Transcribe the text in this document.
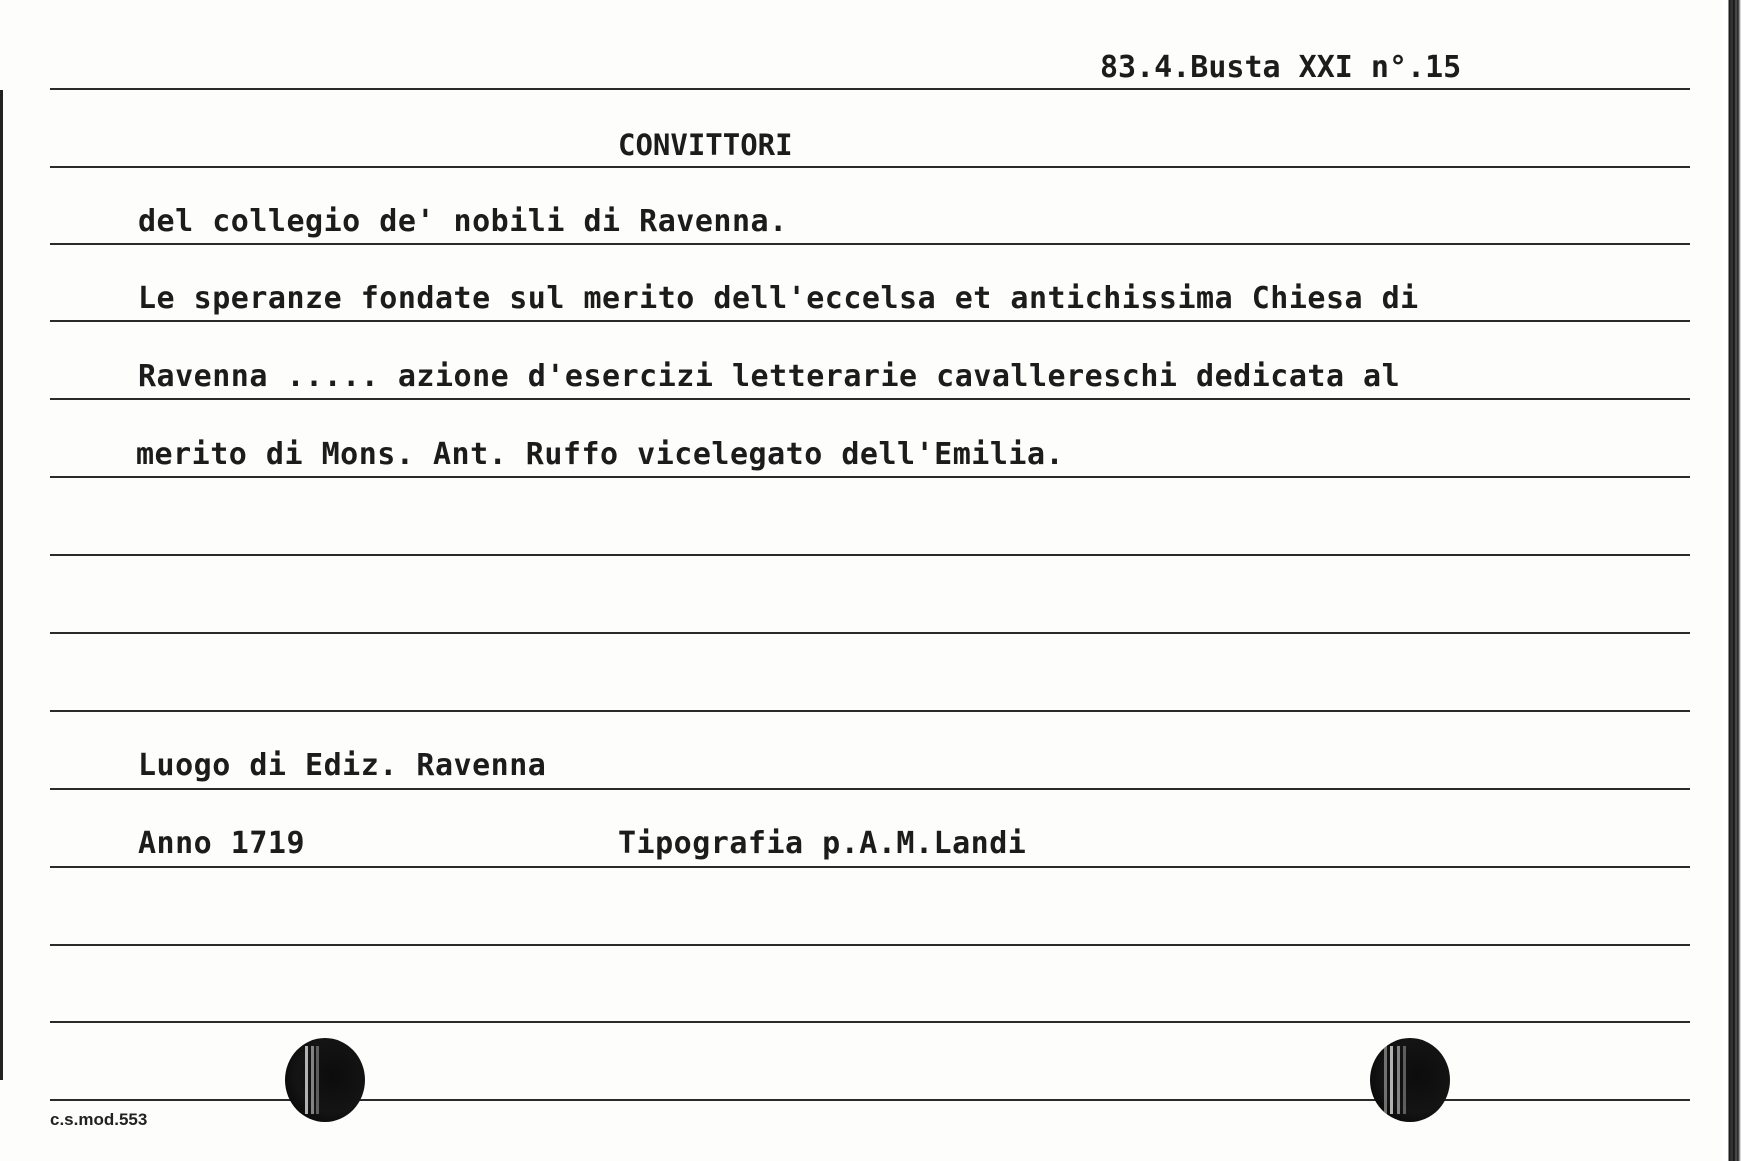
83.4.Busta XXI n°.15
CONVITTORI
del collegio de' nobili di Ravenna.
Le speranze fondate sul merito dell'eccelsa et antichissima Chiesa di
Ravenna ..... azione d'esercizi letterarie cavallereschi dedicata al
merito di Mons. Ant. Ruffo vicelegato dell'Emilia.
Luogo di Ediz. Ravenna
Anno 1719	Tipografia p.A.M.Landi
c.s.mod.553
